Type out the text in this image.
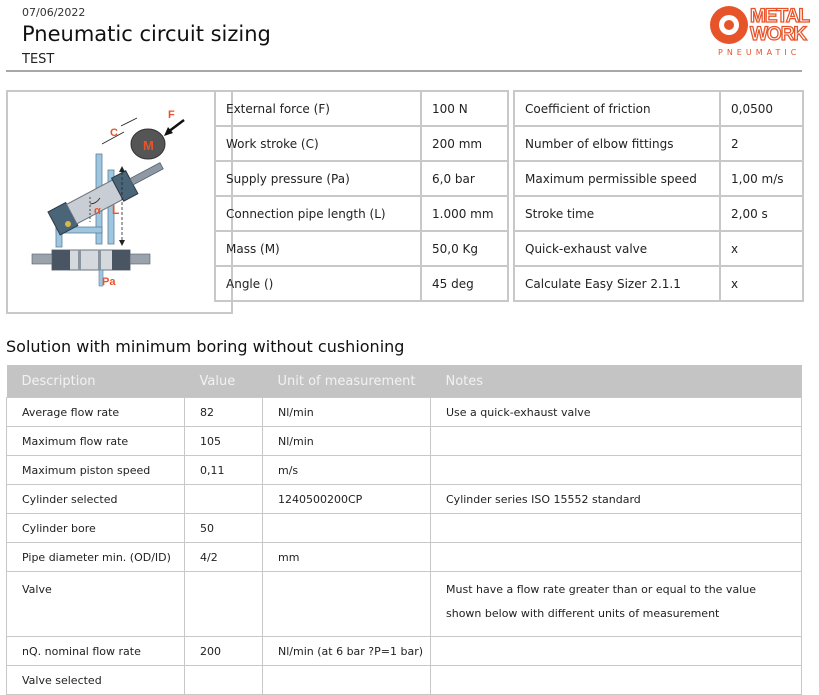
07/06/2022
Pneumatic circuit sizing
TEST
METAL
WORK
PNEUMATIC
M
F
C
L
α
Pa
External force (F)	100 N
Work stroke (C)	200 mm
Supply pressure (Pa)	6,0 bar
Connection pipe length (L)	1.000 mm
Mass (M)	50,0 Kg
Angle ()	45 deg
Coefficient of friction	0,0500
Number of elbow fittings	2
Maximum permissible speed	1,00 m/s
Stroke time	2,00 s
Quick-exhaust valve	x
Calculate Easy Sizer 2.1.1	x
Solution with minimum boring without cushioning
Description	Value	Unit of measurement	Notes
Average flow rate	82	Nl/min	Use a quick-exhaust valve
Maximum flow rate	105	Nl/min	
Maximum piston speed	0,11	m/s	
Cylinder selected		1240500200CP	Cylinder series ISO 15552 standard
Cylinder bore	50		
Pipe diameter min. (OD/ID)	4/2	mm	
Valve			Must have a flow rate greater than or equal to the value
shown below with different units of measurement

nQ. nominal flow rate	200	Nl/min (at 6 bar ?P=1 bar)	
Valve selected			
